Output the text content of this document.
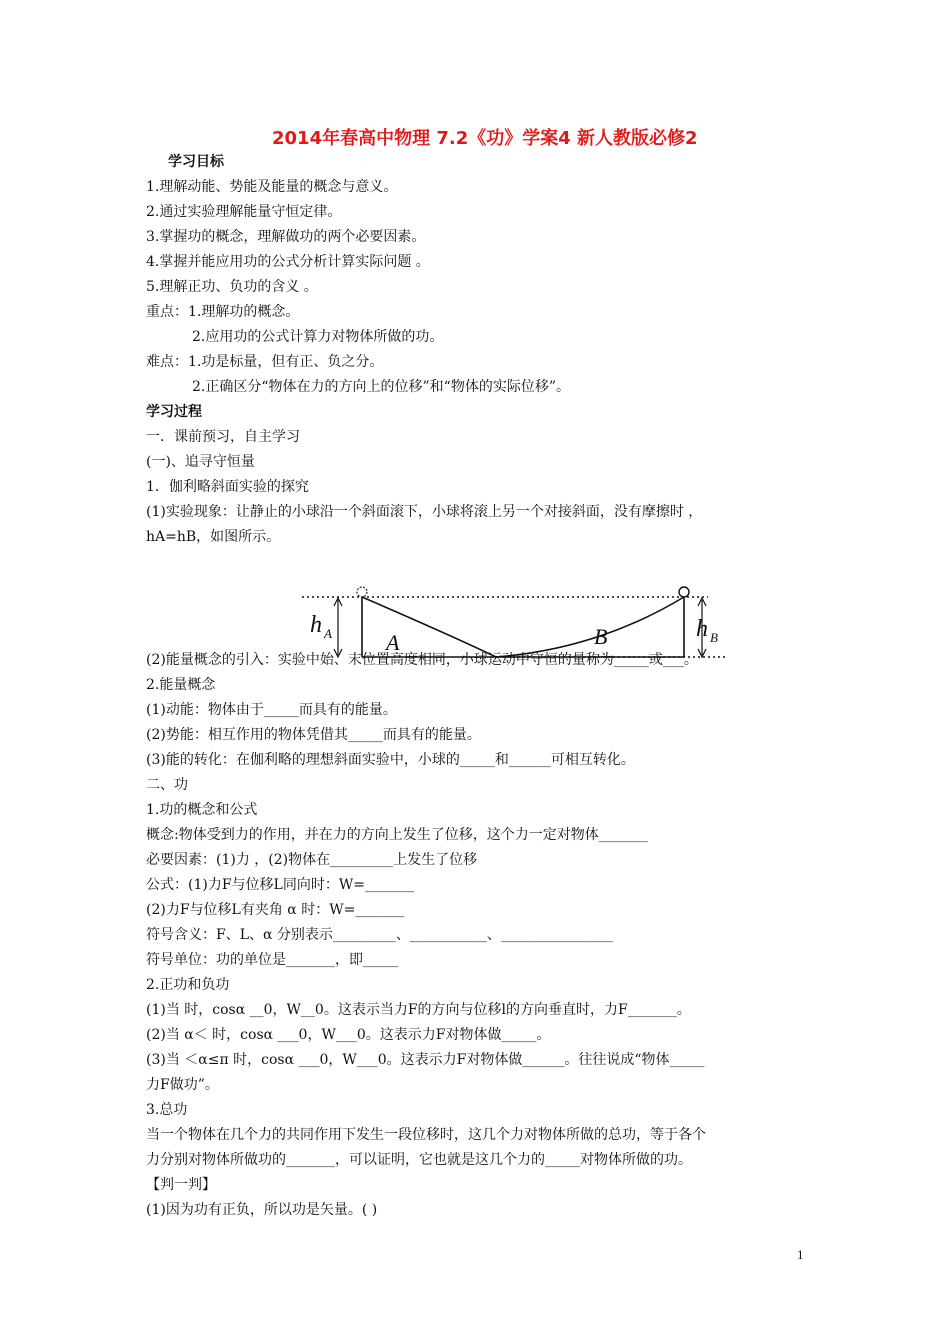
2014年春高中物理 7.2《功》学案4 新人教版必修2
学习目标
1.理解动能、势能及能量的概念与意义。
2.通过实验理解能量守恒定律。
3.掌握功的概念，理解做功的两个必要因素。
4.掌握并能应用功的公式分析计算实际问题 。
5.理解正功、负功的含义 。
重点：1.理解功的概念。
2.应用功的公式计算力对物体所做的功。
难点：1.功是标量，但有正、负之分。
2.正确区分“物体在力的方向上的位移”和“物体的实际位移”。
学习过程
一．课前预习，自主学习
(一)、追寻守恒量
1．伽利略斜面实验的探究
(1)实验现象：让静止的小球沿一个斜面滚下，小球将滚上另一个对接斜面，没有摩擦时 ，
hA=hB，如图所示。
h A	h B
A	B
(2)能量概念的引入：实验中始、末位置高度相同，小球运动中守恒的量称为_____或___。
2.能量概念
(1)动能：物体由于_____而具有的能量。
(2)势能：相互作用的物体凭借其_____而具有的能量。
(3)能的转化：在伽利略的理想斜面实验中，小球的_____和______可相互转化。
二、功
1.功的概念和公式
概念:物体受到力的作用，并在力的方向上发生了位移，这个力一定对物体_______
必要因素：(1)力 ，(2)物体在_________上发生了位移
公式：(1)力F与位移L同向时：W=_______
(2)力F与位移L有夹角 α 时：W=_______
符号含义：F、L、α 分别表示_________、___________、________________
符号单位：功的单位是_______，即_____
2.正功和负功
(1)当 时，cosα __0，W__0。这表示当力F的方向与位移l的方向垂直时，力F_______。
(2)当 α＜ 时，cosα ___0，W___0。这表示力F对物体做_____。
(3)当 ＜α≤π 时，cosα ___0，W___0。这表示力F对物体做______。往往说成“物体_____
力F做功”。
3.总功
当一个物体在几个力的共同作用下发生一段位移时，这几个力对物体所做的总功，等于各个
力分别对物体所做功的_______，可以证明，它也就是这几个力的_____对物体所做的功。
【判一判】
(1)因为功有正负，所以功是矢量。( )
1
